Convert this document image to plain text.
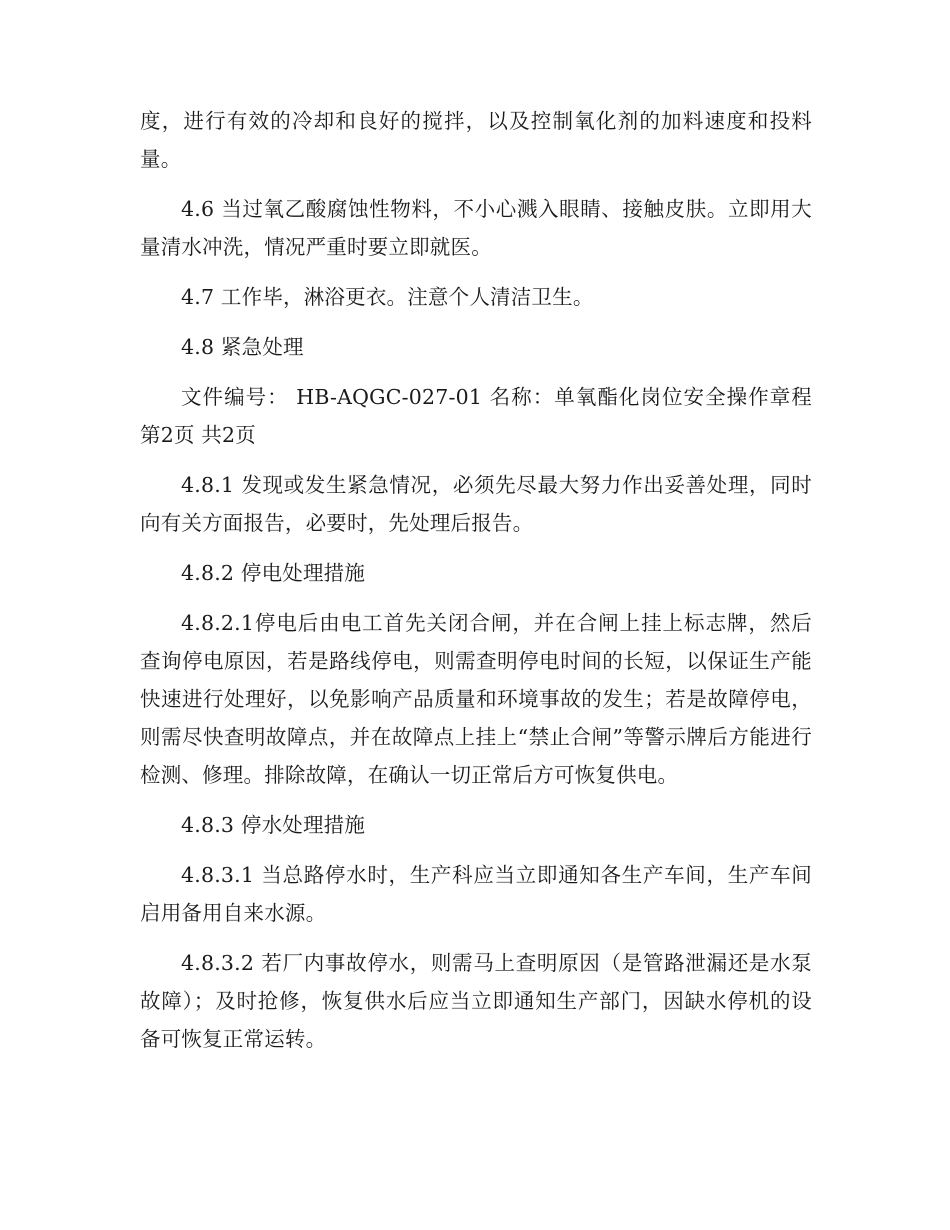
度，进行有效的冷却和良好的搅拌，以及控制氧化剂的加料速度和投料量。

4.6 当过氧乙酸腐蚀性物料，不小心溅入眼睛、接触皮肤。立即用大量清水冲洗，情况严重时要立即就医。

4.7 工作毕，淋浴更衣。注意个人清洁卫生。

4.8 紧急处理

文件编号： HB-AQGC-027-01 名称：单氧酯化岗位安全操作章程 第2页 共2页

4.8.1 发现或发生紧急情况，必须先尽最大努力作出妥善处理，同时向有关方面报告，必要时，先处理后报告。

4.8.2 停电处理措施

4.8.2.1停电后由电工首先关闭合闸，并在合闸上挂上标志牌，然后查询停电原因，若是路线停电，则需查明停电时间的长短，以保证生产能快速进行处理好，以免影响产品质量和环境事故的发生；若是故障停电，则需尽快查明故障点，并在故障点上挂上“禁止合闸”等警示牌后方能进行检测、修理。排除故障，在确认一切正常后方可恢复供电。

4.8.3 停水处理措施

4.8.3.1 当总路停水时，生产科应当立即通知各生产车间，生产车间启用备用自来水源。

4.8.3.2 若厂内事故停水，则需马上查明原因（是管路泄漏还是水泵故障）；及时抢修，恢复供水后应当立即通知生产部门，因缺水停机的设备可恢复正常运转。
